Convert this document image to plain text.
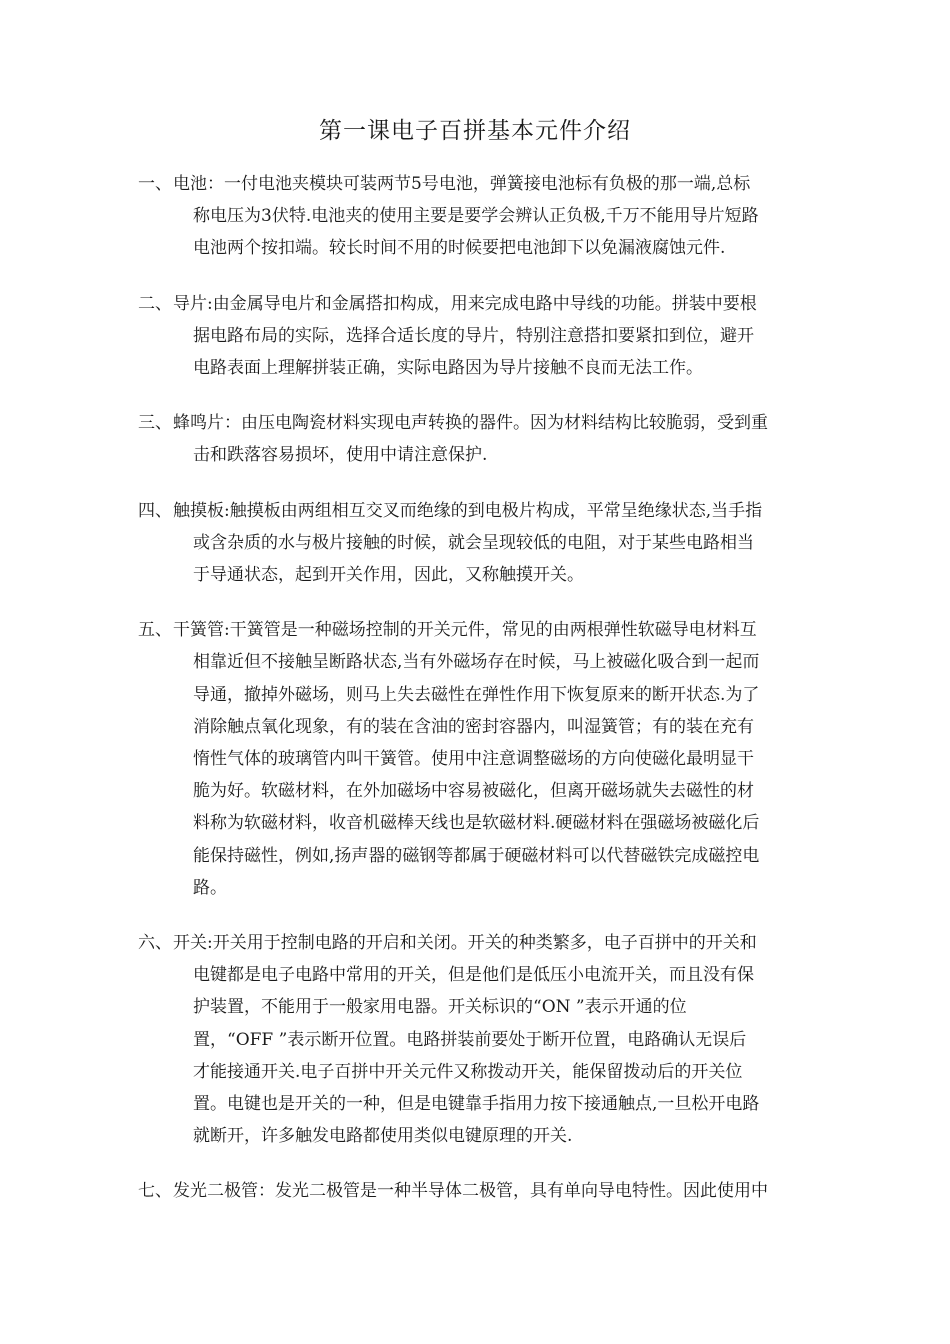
第一课电子百拼基本元件介绍
一、 电池：一付电池夹模块可装两节5号电池，弹簧接电池标有负极的那一端,总标
称电压为3伏特.电池夹的使用主要是要学会辨认正负极,千万不能用导片短路
电池两个按扣端。较长时间不用的时候要把电池卸下以免漏液腐蚀元件.
二、 导片:由金属导电片和金属搭扣构成，用来完成电路中导线的功能。拼装中要根
据电路布局的实际，选择合适长度的导片，特别注意搭扣要紧扣到位，避开
电路表面上理解拼装正确，实际电路因为导片接触不良而无法工作。
三、 蜂鸣片：由压电陶瓷材料实现电声转换的器件。因为材料结构比较脆弱，受到重
击和跌落容易损坏，使用中请注意保护.
四、 触摸板:触摸板由两组相互交叉而绝缘的到电极片构成，平常呈绝缘状态,当手指
或含杂质的水与极片接触的时候，就会呈现较低的电阻，对于某些电路相当
于导通状态，起到开关作用，因此，又称触摸开关。
五、 干簧管:干簧管是一种磁场控制的开关元件，常见的由两根弹性软磁导电材料互
相靠近但不接触呈断路状态,当有外磁场存在时候，马上被磁化吸合到一起而
导通，撤掉外磁场，则马上失去磁性在弹性作用下恢复原来的断开状态.为了
消除触点氧化现象，有的装在含油的密封容器内，叫湿簧管；有的装在充有
惰性气体的玻璃管内叫干簧管。使用中注意调整磁场的方向使磁化最明显干
脆为好。软磁材料，在外加磁场中容易被磁化，但离开磁场就失去磁性的材
料称为软磁材料，收音机磁棒天线也是软磁材料.硬磁材料在强磁场被磁化后
能保持磁性，例如,扬声器的磁钢等都属于硬磁材料可以代替磁铁完成磁控电
路。
六、 开关:开关用于控制电路的开启和关闭。开关的种类繁多，电子百拼中的开关和
电键都是电子电路中常用的开关，但是他们是低压小电流开关，而且没有保
护装置，不能用于一般家用电器。开关标识的“ON ”表示开通的位
置，“OFF ”表示断开位置。电路拼装前要处于断开位置，电路确认无误后
才能接通开关.电子百拼中开关元件又称拨动开关，能保留拨动后的开关位
置。电键也是开关的一种，但是电键靠手指用力按下接通触点,一旦松开电路
就断开，许多触发电路都使用类似电键原理的开关.
七、 发光二极管：发光二极管是一种半导体二极管，具有单向导电特性。因此使用中
